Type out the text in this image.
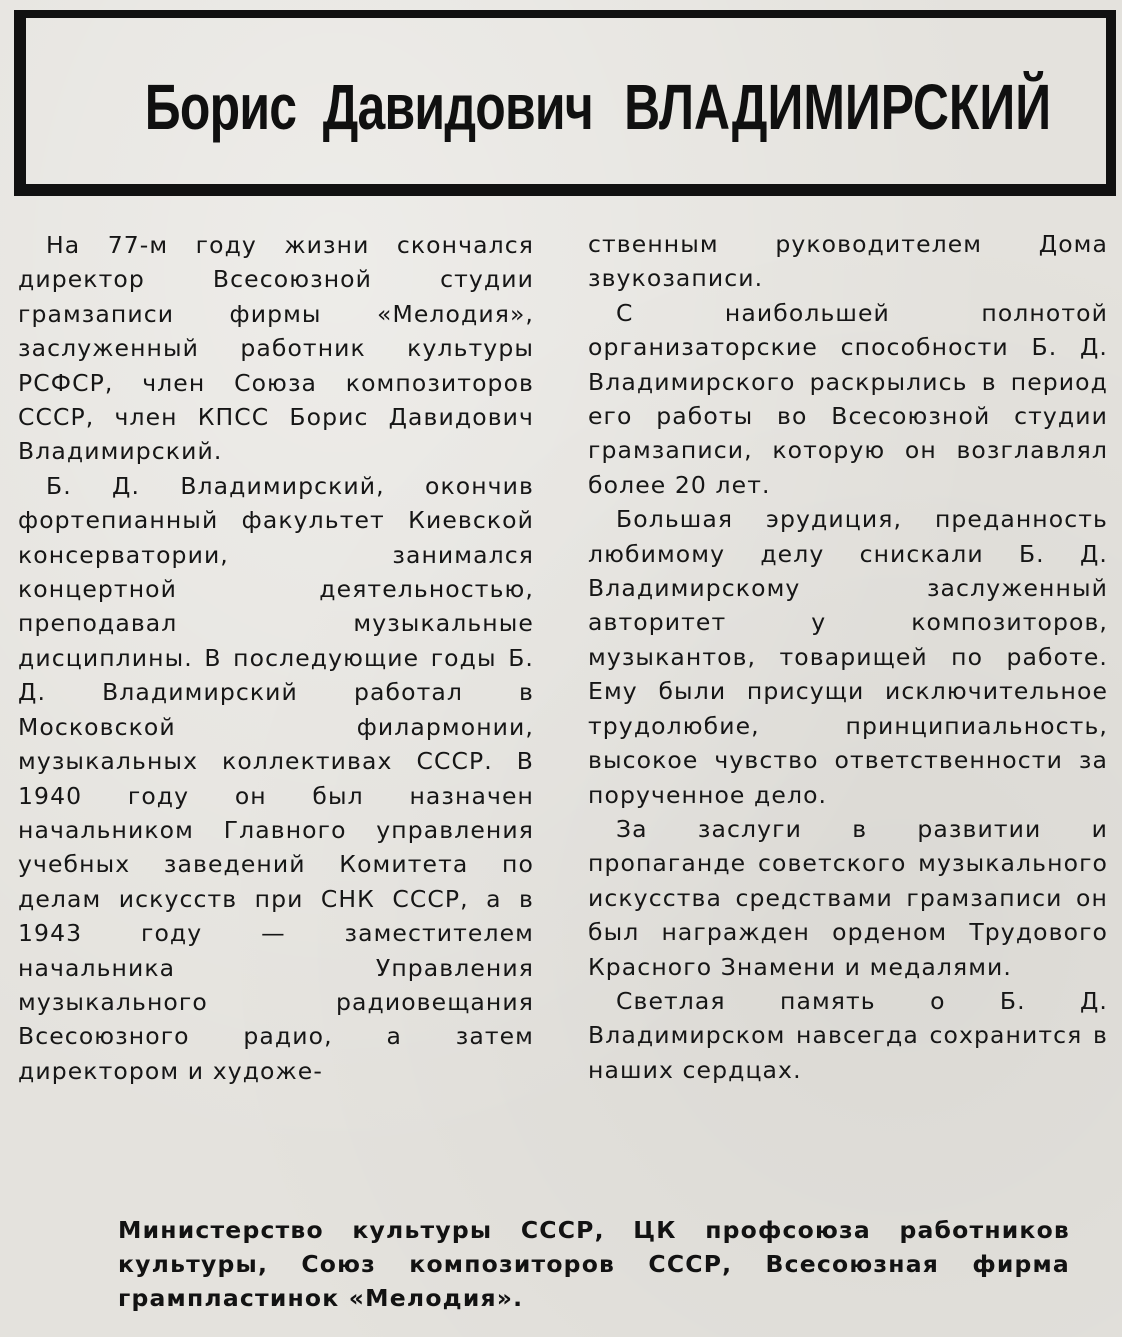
Борис Давидович ВЛАДИМИРСКИЙ

На 77-м году жизни скончался директор Всесоюзной студии грамзаписи фирмы «Мелодия», заслуженный работник культуры РСФСР, член Союза композиторов СССР, член КПСС Борис Давидович Владимирский.

Б. Д. Владимирский, окончив фортепианный факультет Киевской консерватории, занимался концертной деятельностью, преподавал музыкальные дисциплины. В последующие годы Б. Д. Владимирский работал в Московской филармонии, музыкальных коллективах СССР. В 1940 году он был назначен начальником Главного управления учебных заведений Комитета по делам искусств при СНК СССР, а в 1943 году — заместителем начальника Управления музыкального радиовещания Всесоюзного радио, а затем директором и художе-

ственным руководителем Дома звукозаписи.

С наибольшей полнотой организаторские способности Б. Д. Владимирского раскрылись в период его работы во Всесоюзной студии грамзаписи, которую он возглавлял более 20 лет.

Большая эрудиция, преданность любимому делу снискали Б. Д. Владимирскому заслуженный авторитет у композиторов, музыкантов, товарищей по работе. Ему были присущи исключительное трудолюбие, принципиальность, высокое чувство ответственности за порученное дело.

За заслуги в развитии и пропаганде советского музыкального искусства средствами грамзаписи он был награжден орденом Трудового Красного Знамени и медалями.

Светлая память о Б. Д. Владимирском навсегда сохранится в наших сердцах.

Министерство культуры СССР, ЦК профсоюза работников культуры, Союз композиторов СССР, Всесоюзная фирма грампластинок «Мелодия».
